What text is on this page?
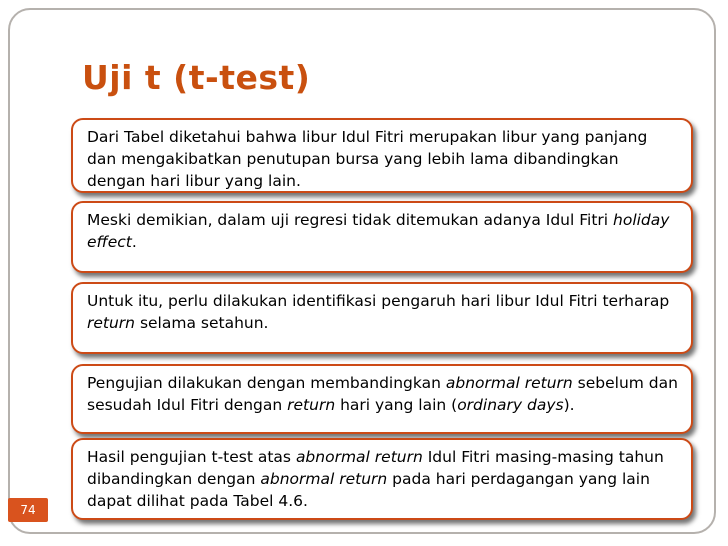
Uji t (t-test)
Dari Tabel diketahui bahwa libur Idul Fitri merupakan libur yang panjang dan mengakibatkan penutupan bursa yang lebih lama dibandingkan dengan hari libur yang lain.
Meski demikian, dalam uji regresi tidak ditemukan adanya Idul Fitri holiday effect.
Untuk itu, perlu dilakukan identifikasi pengaruh hari libur Idul Fitri terharap return selama setahun.
Pengujian dilakukan dengan membandingkan abnormal return sebelum dan sesudah Idul Fitri dengan return hari yang lain (ordinary days).
Hasil pengujian t-test atas abnormal return Idul Fitri masing-masing tahun dibandingkan dengan abnormal return pada hari perdagangan yang lain dapat dilihat pada Tabel 4.6.
74
